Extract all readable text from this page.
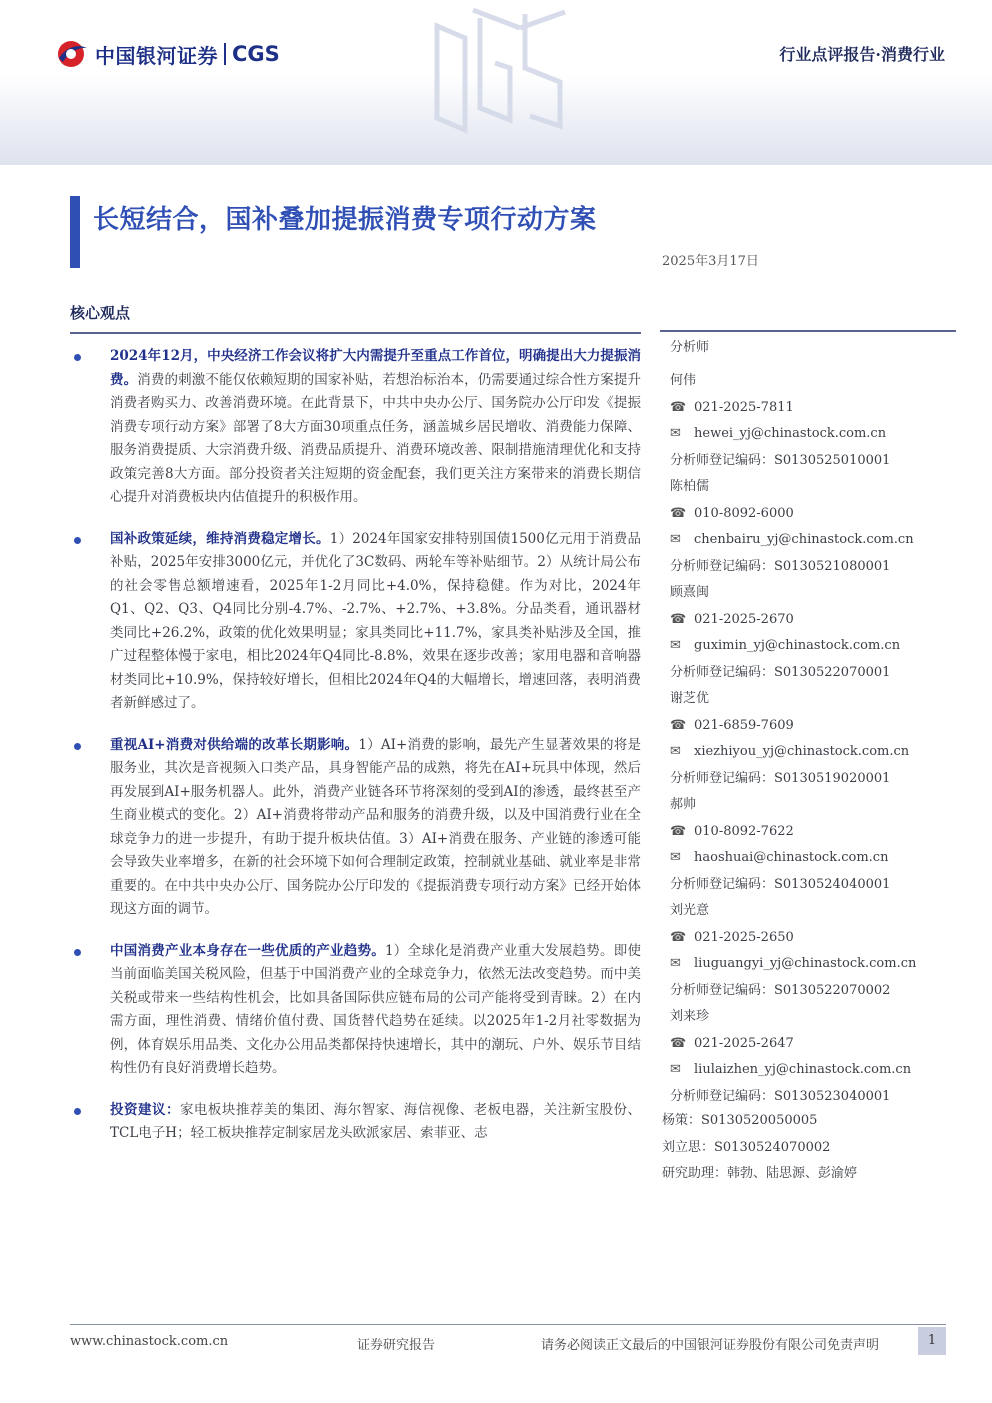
中国银河证券 CGS	行业点评报告·消费行业
长短结合，国补叠加提振消费专项行动方案
2025年3月17日
核心观点

2024年12月，中央经济工作会议将扩大内需提升至重点工作首位，明确提出大力提振消费。消费的刺激不能仅依赖短期的国家补贴，若想治标治本，仍需要通过综合性方案提升消费者购买力、改善消费环境。在此背景下，中共中央办公厅、国务院办公厅印发《提振消费专项行动方案》部署了8大方面30项重点任务，涵盖城乡居民增收、消费能力保障、服务消费提质、大宗消费升级、消费品质提升、消费环境改善、限制措施清理优化和支持政策完善8大方面。部分投资者关注短期的资金配套，我们更关注方案带来的消费长期信心提升对消费板块内估值提升的积极作用。

国补政策延续，维持消费稳定增长。1）2024年国家安排特别国债1500亿元用于消费品补贴，2025年安排3000亿元，并优化了3C数码、两轮车等补贴细节。2）从统计局公布的社会零售总额增速看，2025年1-2月同比+4.0%，保持稳健。作为对比，2024年Q1、Q2、Q3、Q4同比分别-4.7%、-2.7%、+2.7%、+3.8%。分品类看，通讯器材类同比+26.2%，政策的优化效果明显；家具类同比+11.7%，家具类补贴涉及全国，推广过程整体慢于家电，相比2024年Q4同比-8.8%，效果在逐步改善；家用电器和音响器材类同比+10.9%，保持较好增长，但相比2024年Q4的大幅增长，增速回落，表明消费者新鲜感过了。

重视AI+消费对供给端的改革长期影响。1）AI+消费的影响，最先产生显著效果的将是服务业，其次是音视频入口类产品，具身智能产品的成熟，将先在AI+玩具中体现，然后再发展到AI+服务机器人。此外，消费产业链各环节将深刻的受到AI的渗透，最终甚至产生商业模式的变化。2）AI+消费将带动产品和服务的消费升级，以及中国消费行业在全球竞争力的进一步提升，有助于提升板块估值。3）AI+消费在服务、产业链的渗透可能会导致失业率增多，在新的社会环境下如何合理制定政策，控制就业基础、就业率是非常重要的。在中共中央办公厅、国务院办公厅印发的《提振消费专项行动方案》已经开始体现这方面的调节。

中国消费产业本身存在一些优质的产业趋势。1）全球化是消费产业重大发展趋势。即使当前面临美国关税风险，但基于中国消费产业的全球竞争力，依然无法改变趋势。而中美关税或带来一些结构性机会，比如具备国际供应链布局的公司产能将受到青睐。2）在内需方面，理性消费、情绪价值付费、国货替代趋势在延续。以2025年1-2月社零数据为例，体育娱乐用品类、文化办公用品类都保持快速增长，其中的潮玩、户外、娱乐节目结构性仍有良好消费增长趋势。

投资建议：家电板块推荐美的集团、海尔智家、海信视像、老板电器，关注新宝股份、TCL电子H；轻工板块推荐定制家居龙头欧派家居、索菲亚、志

分析师
何伟
☎ 021-2025-7811
✉ hewei_yj@chinastock.com.cn
分析师登记编码：S0130525010001
陈柏儒
☎ 010-8092-6000
✉ chenbairu_yj@chinastock.com.cn
分析师登记编码：S0130521080001
顾熹闽
☎ 021-2025-2670
✉ guximin_yj@chinastock.com.cn
分析师登记编码：S0130522070001
谢芝优
☎ 021-6859-7609
✉ xiezhiyou_yj@chinastock.com.cn
分析师登记编码：S0130519020001
郝帅
☎ 010-8092-7622
✉ haoshuai@chinastock.com.cn
分析师登记编码：S0130524040001
刘光意
☎ 021-2025-2650
✉ liuguangyi_yj@chinastock.com.cn
分析师登记编码：S0130522070002
刘来珍
☎ 021-2025-2647
✉ liulaizhen_yj@chinastock.com.cn
分析师登记编码：S0130523040001
杨策：S0130520050005
刘立思：S0130524070002
研究助理：韩勃、陆思源、彭渝婷
www.chinastock.com.cn	证券研究报告	请务必阅读正文最后的中国银河证券股份有限公司免责声明	1
